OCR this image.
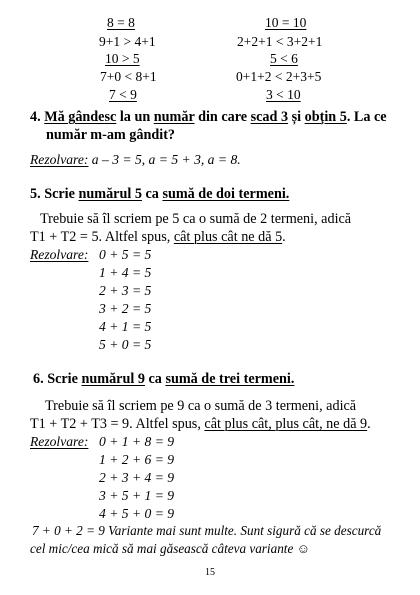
8 = 8
9+1 > 4+1
10 > 5
7+0 < 8+1
7 < 9
10 = 10
2+2+1 < 3+2+1
5 < 6
0+1+2 < 2+3+5
3 < 10
4. Mă gândesc la un număr din care scad 3 și obțin 5. La ce
număr m-am gândit?
Rezolvare: a – 3 = 5, a = 5 + 3, a = 8.
5. Scrie numărul 5 ca sumă de doi termeni.
Trebuie să îl scriem pe 5 ca o sumă de 2 termeni, adică
T1 + T2 = 5. Altfel spus, cât plus cât ne dă 5.
Rezolvare: 0 + 5 = 5
1 + 4 = 5
2 + 3 = 5
3 + 2 = 5
4 + 1 = 5
5 + 0 = 5
6. Scrie numărul 9 ca sumă de trei termeni.
Trebuie să îl scriem pe 9 ca o sumă de 3 termeni, adică
T1 + T2 + T3 = 9. Altfel spus, cât plus cât, plus cât, ne dă 9.
Rezolvare: 0 + 1 + 8 = 9
1 + 2 + 6 = 9
2 + 3 + 4 = 9
3 + 5 + 1 = 9
4 + 5 + 0 = 9
7 + 0 + 2 = 9 Variante mai sunt multe. Sunt sigură că se descurcă
cel mic/cea mică să mai găsească câteva variante ☺
15
